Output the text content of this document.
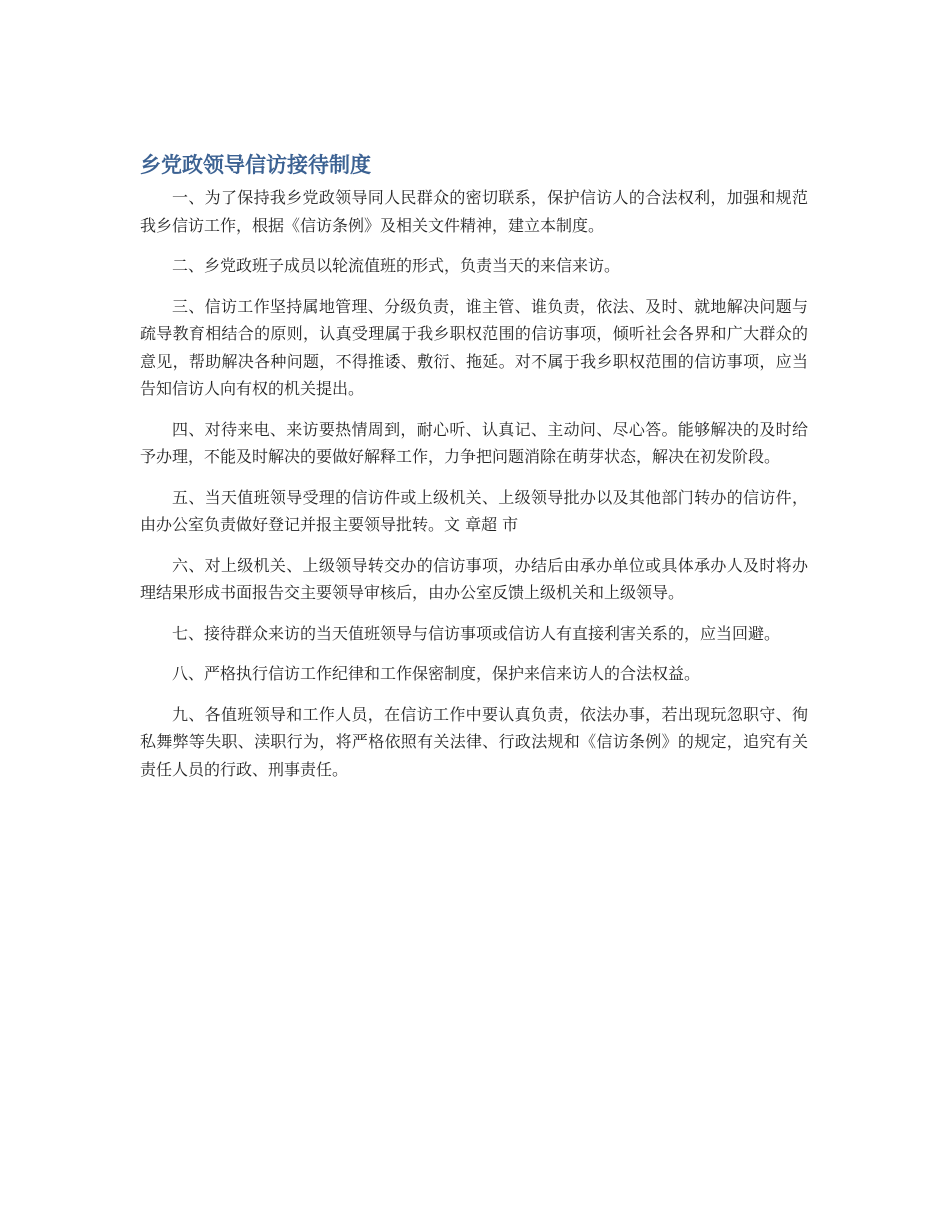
乡党政领导信访接待制度

一、为了保持我乡党政领导同人民群众的密切联系，保护信访人的合法权利，加强和规范我乡信访工作，根据《信访条例》及相关文件精神，建立本制度。

二、乡党政班子成员以轮流值班的形式，负责当天的来信来访。

三、信访工作坚持属地管理、分级负责，谁主管、谁负责，依法、及时、就地解决问题与疏导教育相结合的原则，认真受理属于我乡职权范围的信访事项，倾听社会各界和广大群众的意见，帮助解决各种问题，不得推诿、敷衍、拖延。对不属于我乡职权范围的信访事项，应当告知信访人向有权的机关提出。

四、对待来电、来访要热情周到，耐心听、认真记、主动问、尽心答。能够解决的及时给予办理，不能及时解决的要做好解释工作，力争把问题消除在萌芽状态，解决在初发阶段。

五、当天值班领导受理的信访件或上级机关、上级领导批办以及其他部门转办的信访件，由办公室负责做好登记并报主要领导批转。文 章超 市

六、对上级机关、上级领导转交办的信访事项，办结后由承办单位或具体承办人及时将办理结果形成书面报告交主要领导审核后，由办公室反馈上级机关和上级领导。

七、接待群众来访的当天值班领导与信访事项或信访人有直接利害关系的，应当回避。

八、严格执行信访工作纪律和工作保密制度，保护来信来访人的合法权益。

九、各值班领导和工作人员，在信访工作中要认真负责，依法办事，若出现玩忽职守、徇私舞弊等失职、渎职行为，将严格依照有关法律、行政法规和《信访条例》的规定，追究有关责任人员的行政、刑事责任。
